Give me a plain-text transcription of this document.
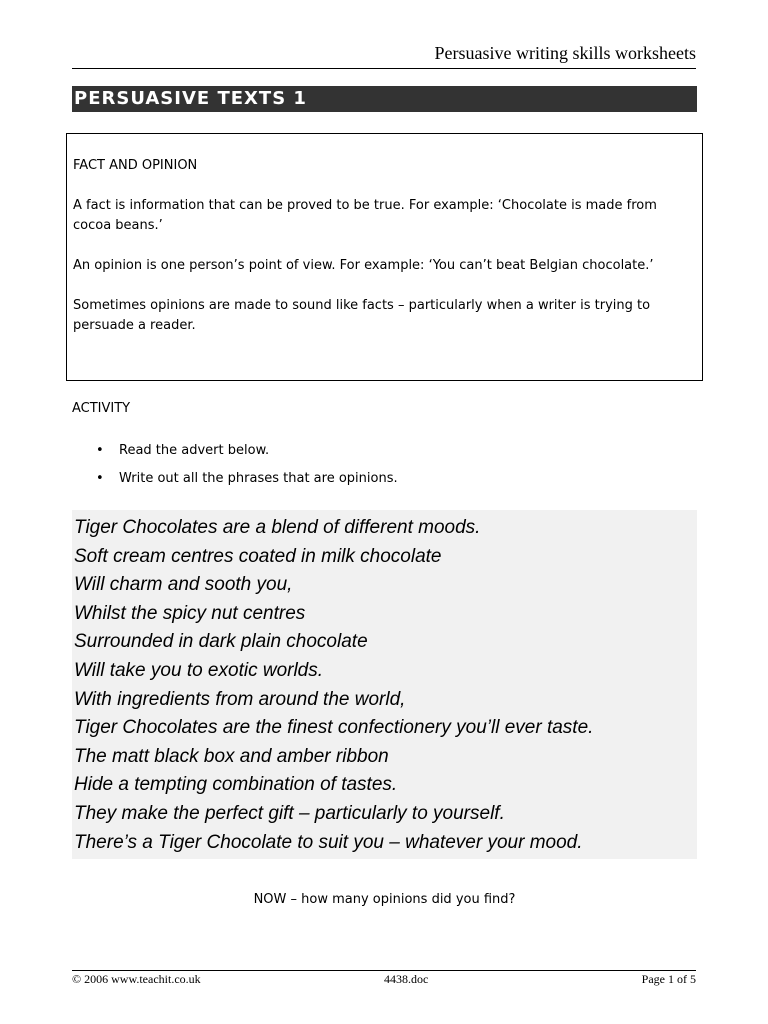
Persuasive writing skills worksheets
PERSUASIVE TEXTS 1

FACT AND OPINION

A fact is information that can be proved to be true. For example: ‘Chocolate is made from cocoa beans.’

An opinion is one person’s point of view. For example: ‘You can’t beat Belgian chocolate.’

Sometimes opinions are made to sound like facts – particularly when a writer is trying to persuade a reader.

ACTIVITY
• Read the advert below.
• Write out all the phrases that are opinions.
Tiger Chocolates are a blend of different moods.
Soft cream centres coated in milk chocolate
Will charm and sooth you,
Whilst the spicy nut centres
Surrounded in dark plain chocolate
Will take you to exotic worlds.
With ingredients from around the world,
Tiger Chocolates are the finest confectionery you’ll ever taste.
The matt black box and amber ribbon
Hide a tempting combination of tastes.
They make the perfect gift – particularly to yourself.
There’s a Tiger Chocolate to suit you – whatever your mood.
NOW – how many opinions did you find?
© 2006 www.teachit.co.uk	4438.doc	Page 1 of 5
